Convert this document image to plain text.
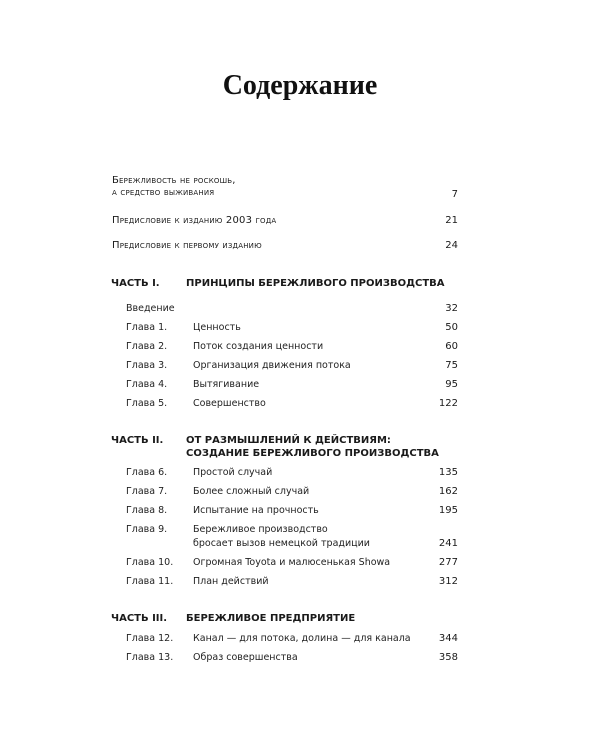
Содержание
Бережливость не роскошь,
а средство выживания	7
Предисловие к изданию 2003 года	21
Предисловие к первому изданию	24
ЧАСТЬ I.	ПРИНЦИПЫ БЕРЕЖЛИВОГО ПРОИЗВОДСТВА
Введение	32
Глава 1.	Ценность	50
Глава 2.	Поток создания ценности	60
Глава 3.	Организация движения потока	75
Глава 4.	Вытягивание	95
Глава 5.	Совершенство	122
ЧАСТЬ II. ОТ РАЗМЫШЛЕНИЙ К ДЕЙСТВИЯМ:
СОЗДАНИЕ БЕРЕЖЛИВОГО ПРОИЗВОДСТВА
Глава 6.	Простой случай	135
Глава 7.	Более сложный случай	162
Глава 8.	Испытание на прочность	195
Глава 9.	Бережливое производство
бросает вызов немецкой традиции	241
Глава 10. Огромная Toyota и малюсенькая Showa	277
Глава 11. План действий	312
ЧАСТЬ III. БЕРЕЖЛИВОЕ ПРЕДПРИЯТИЕ
Глава 12. Канал — для потока, долина — для канала	344
Глава 13. Образ совершенства	358
